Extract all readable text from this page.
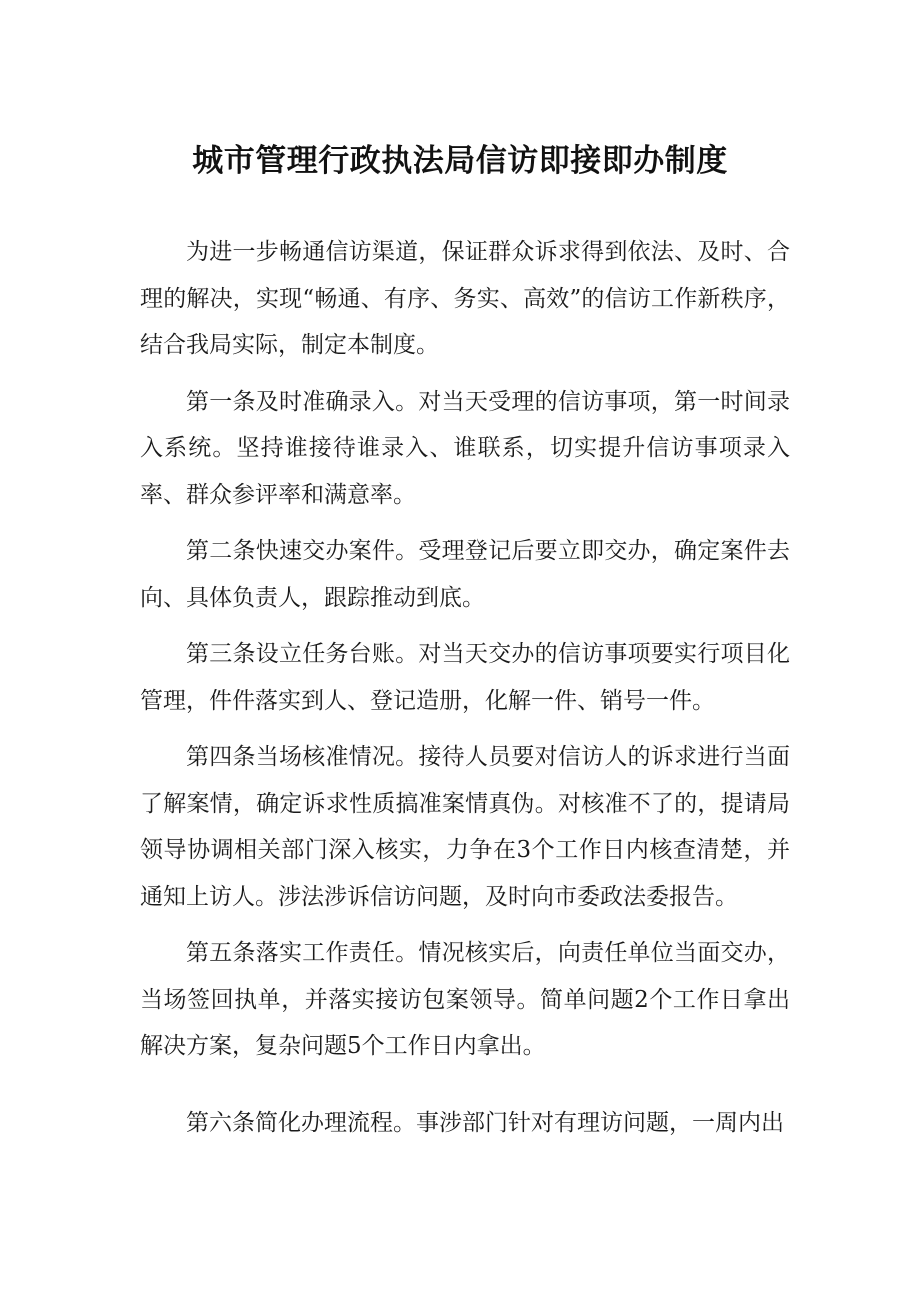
城市管理行政执法局信访即接即办制度

为进一步畅通信访渠道，保证群众诉求得到依法、及时、合理的解决，实现“畅通、有序、务实、高效”的信访工作新秩序，结合我局实际，制定本制度。

第一条及时准确录入。对当天受理的信访事项，第一时间录入系统。坚持谁接待谁录入、谁联系，切实提升信访事项录入率、群众参评率和满意率。

第二条快速交办案件。受理登记后要立即交办，确定案件去向、具体负责人，跟踪推动到底。

第三条设立任务台账。对当天交办的信访事项要实行项目化管理，件件落实到人、登记造册，化解一件、销号一件。

第四条当场核准情况。接待人员要对信访人的诉求进行当面了解案情，确定诉求性质搞准案情真伪。对核准不了的，提请局领导协调相关部门深入核实，力争在3个工作日内核查清楚，并通知上访人。涉法涉诉信访问题，及时向市委政法委报告。

第五条落实工作责任。情况核实后，向责任单位当面交办，当场签回执单，并落实接访包案领导。简单问题2个工作日拿出解决方案，复杂问题5个工作日内拿出。

第六条简化办理流程。事涉部门针对有理访问题，一周内出
